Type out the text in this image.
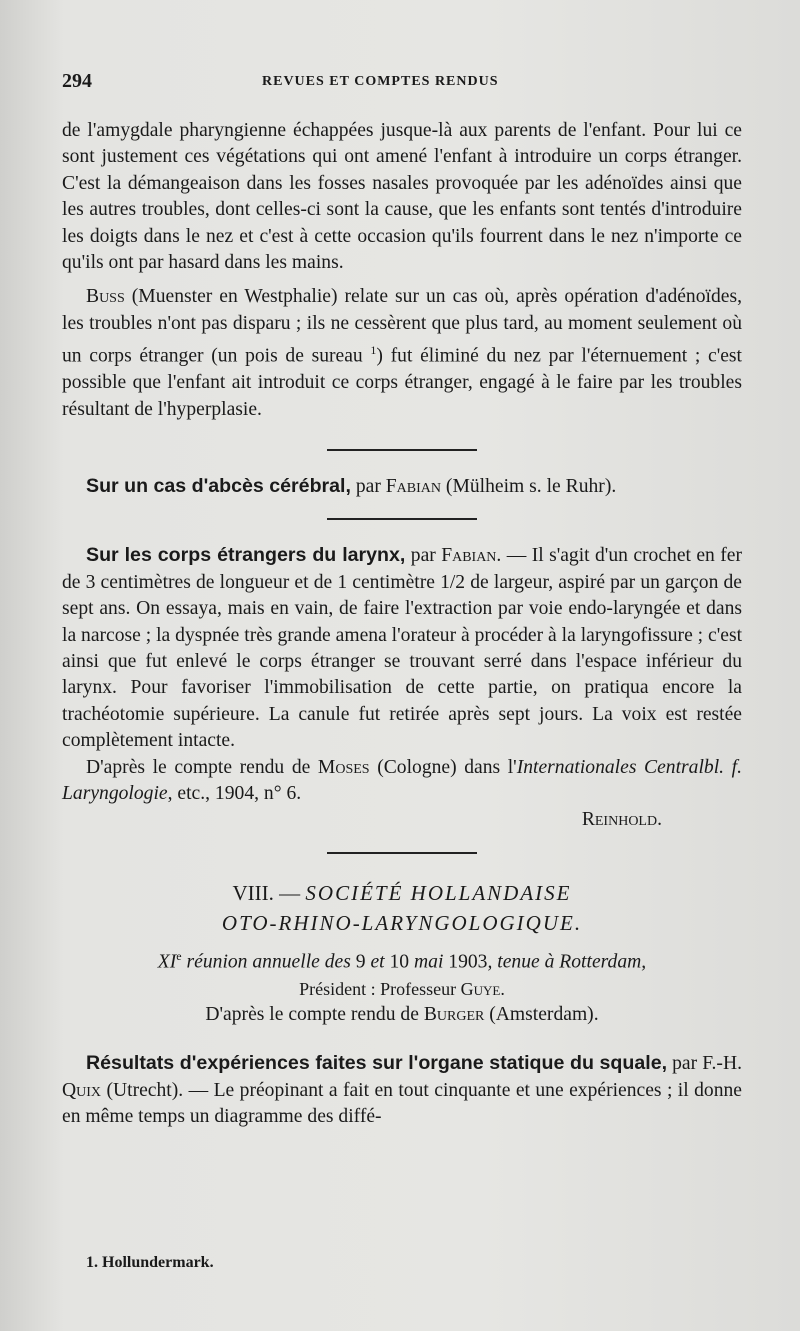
294	REVUES ET COMPTES RENDUS

de l'amygdale pharyngienne échappées jusque-là aux parents de l'enfant. Pour lui ce sont justement ces végétations qui ont amené l'enfant à introduire un corps étranger. C'est la démangeaison dans les fosses nasales provoquée par les adénoïdes ainsi que les autres troubles, dont celles-ci sont la cause, que les enfants sont tentés d'introduire les doigts dans le nez et c'est à cette occasion qu'ils fourrent dans le nez n'importe ce qu'ils ont par hasard dans les mains.

Buss (Muenster en Westphalie) relate sur un cas où, après opération d'adénoïdes, les troubles n'ont pas disparu ; ils ne cessèrent que plus tard, au moment seulement où un corps étranger (un pois de sureau $^1$) fut éliminé du nez par l'éternuement ; c'est possible que l'enfant ait introduit ce corps étranger, engagé à le faire par les troubles résultant de l'hyperplasie.

Sur un cas d'abcès cérébral, par Fabian (Mülheim s. le Ruhr).

Sur les corps étrangers du larynx, par Fabian. — Il s'agit d'un crochet en fer de 3 centimètres de longueur et de 1 centimètre 1/2 de largeur, aspiré par un garçon de sept ans. On essaya, mais en vain, de faire l'extraction par voie endo-laryngée et dans la narcose ; la dyspnée très grande amena l'orateur à procéder à la laryngofissure ; c'est ainsi que fut enlevé le corps étranger se trouvant serré dans l'espace inférieur du larynx. Pour favoriser l'immobilisation de cette partie, on pratiqua encore la trachéotomie supérieure. La canule fut retirée après sept jours. La voix est restée complètement intacte.

D'après le compte rendu de Moses (Cologne) dans l'Internationales Centralbl. f. Laryngologie, etc., 1904, n° 6.

Reinhold.

VIII. — SOCIÉTÉ HOLLANDAISE

OTO-RHINO-LARYNGOLOGIQUE.

XIe réunion annuelle des 9 et 10 mai 1903, tenue à Rotterdam,

Président : Professeur Guye.

D'après le compte rendu de Burger (Amsterdam).

Résultats d'expériences faites sur l'organe statique du squale, par F.-H. Quix (Utrecht). — Le préopinant a fait en tout cinquante et une expériences ; il donne en même temps un diagramme des diffé-

1. Hollundermark.
